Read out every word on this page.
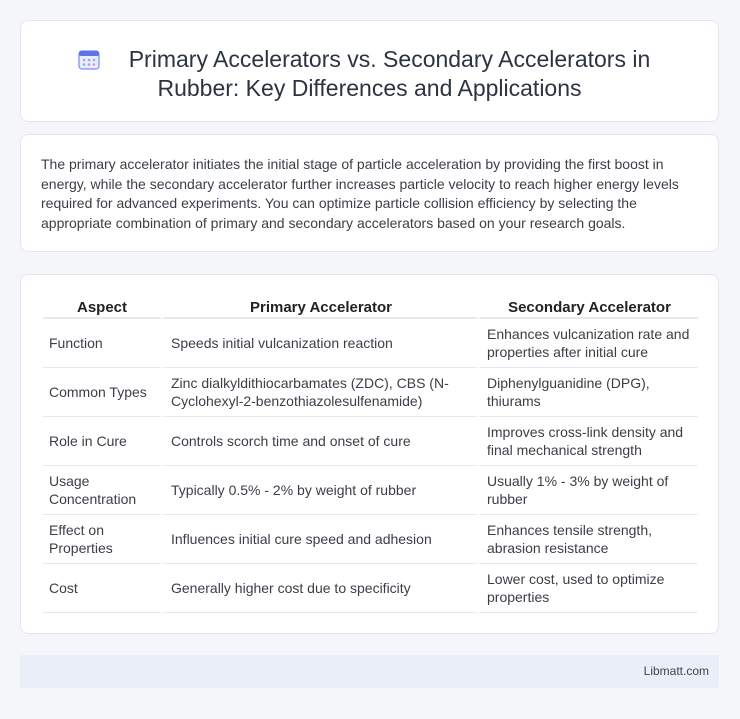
Primary Accelerators vs. Secondary Accelerators in
Rubber: Key Differences and Applications

The primary accelerator initiates the initial stage of particle acceleration by providing the first boost in energy, while the secondary accelerator further increases particle velocity to reach higher energy levels required for advanced experiments. You can optimize particle collision efficiency by selecting the appropriate combination of primary and secondary accelerators based on your research goals.

Aspect	Primary Accelerator	Secondary Accelerator
Function	Speeds initial vulcanization reaction	Enhances vulcanization rate and properties after initial cure
Common Types	Zinc dialkyldithiocarbamates (ZDC), CBS (N-Cyclohexyl-2-benzothiazolesulfenamide)	Diphenylguanidine (DPG), thiurams
Role in Cure	Controls scorch time and onset of cure	Improves cross-link density and final mechanical strength
Usage Concentration	Typically 0.5% - 2% by weight of rubber	Usually 1% - 3% by weight of rubber
Effect on Properties	Influences initial cure speed and adhesion	Enhances tensile strength, abrasion resistance
Cost	Generally higher cost due to specificity	Lower cost, used to optimize properties
Libmatt.com
